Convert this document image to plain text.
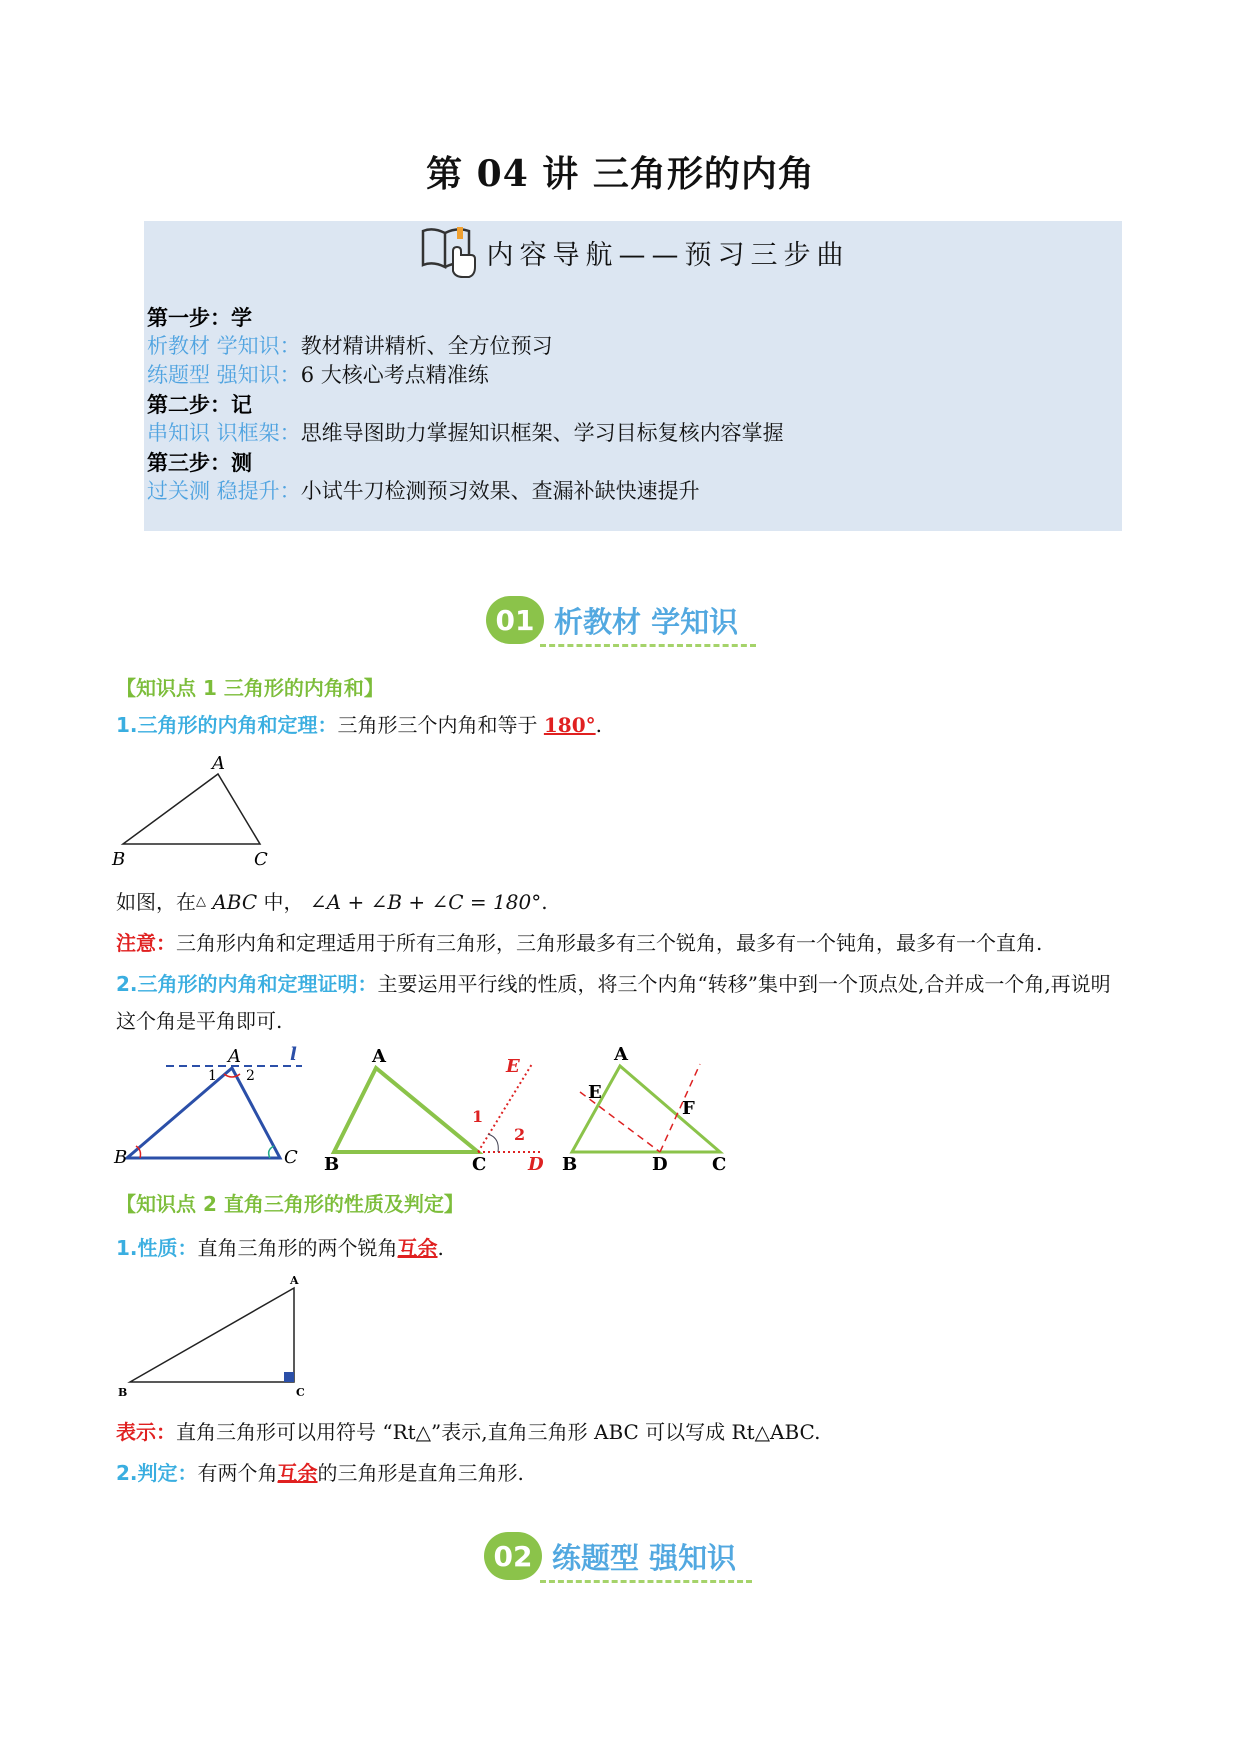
第 04 讲 三角形的内角
内容导航——预习三步曲
第一步：学
析教材 学知识：教材精讲精析、全方位预习
练题型 强知识：6 大核心考点精准练
第二步：记
串知识 识框架：思维导图助力掌握知识框架、学习目标复核内容掌握
第三步：测
过关测 稳提升：小试牛刀检测预习效果、查漏补缺快速提升
01 析教材 学知识
【知识点 1 三角形的内角和】
1.三角形的内角和定理：三角形三个内角和等于 180°.
A
B	C
如图，在△ ABC 中， ∠A + ∠B + ∠C = 180°.
注意：三角形内角和定理适用于所有三角形，三角形最多有三个锐角，最多有一个钝角，最多有一个直角.
2.三角形的内角和定理证明：主要运用平行线的性质，将三个内角“转移”集中到一个顶点处,合并成一个角,再说明这个角是平角即可.
A	l
1 2
B	C
A
B	C D
E
1
2
A
E
F
B	D C
【知识点 2 直角三角形的性质及判定】
1.性质：直角三角形的两个锐角互余.
A
B	C
表示：直角三角形可以用符号 “Rt△”表示,直角三角形 ABC 可以写成 Rt△ABC.
2.判定：有两个角互余的三角形是直角三角形.
02 练题型 强知识
